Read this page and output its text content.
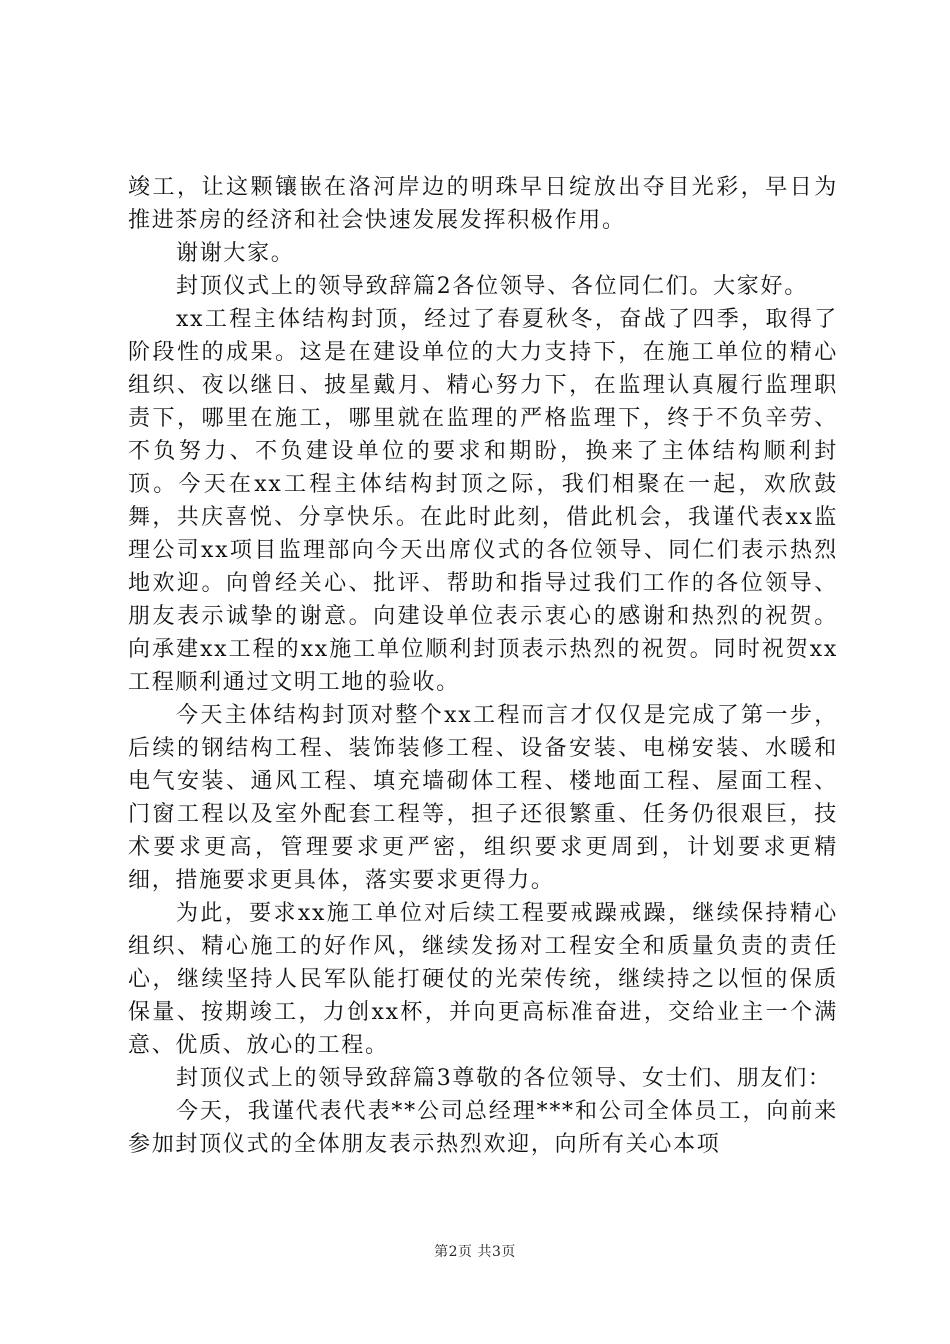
竣工，让这颗镶嵌在洛河岸边的明珠早日绽放出夺目光彩，早日为推进茶房的经济和社会快速发展发挥积极作用。

谢谢大家。

封顶仪式上的领导致辞篇2各位领导、各位同仁们。大家好。

xx工程主体结构封顶，经过了春夏秋冬，奋战了四季，取得了阶段性的成果。这是在建设单位的大力支持下，在施工单位的精心组织、夜以继日、披星戴月、精心努力下，在监理认真履行监理职责下，哪里在施工，哪里就在监理的严格监理下，终于不负辛劳、不负努力、不负建设单位的要求和期盼，换来了主体结构顺利封顶。今天在xx工程主体结构封顶之际，我们相聚在一起，欢欣鼓舞，共庆喜悦、分享快乐。在此时此刻，借此机会，我谨代表xx监理公司xx项目监理部向今天出席仪式的各位领导、同仁们表示热烈地欢迎。向曾经关心、批评、帮助和指导过我们工作的各位领导、朋友表示诚挚的谢意。向建设单位表示衷心的感谢和热烈的祝贺。向承建xx工程的xx施工单位顺利封顶表示热烈的祝贺。同时祝贺xx工程顺利通过文明工地的验收。

今天主体结构封顶对整个xx工程而言才仅仅是完成了第一步，后续的钢结构工程、装饰装修工程、设备安装、电梯安装、水暖和电气安装、通风工程、填充墙砌体工程、楼地面工程、屋面工程、门窗工程以及室外配套工程等，担子还很繁重、任务仍很艰巨，技术要求更高，管理要求更严密，组织要求更周到，计划要求更精细，措施要求更具体，落实要求更得力。

为此，要求xx施工单位对后续工程要戒躁戒躁，继续保持精心组织、精心施工的好作风，继续发扬对工程安全和质量负责的责任心，继续坚持人民军队能打硬仗的光荣传统，继续持之以恒的保质保量、按期竣工，力创xx杯，并向更高标准奋进，交给业主一个满意、优质、放心的工程。

封顶仪式上的领导致辞篇3尊敬的各位领导、女士们、朋友们：

今天，我谨代表代表**公司总经理***和公司全体员工，向前来参加封顶仪式的全体朋友表示热烈欢迎，向所有关心本项

第2页 共3页
